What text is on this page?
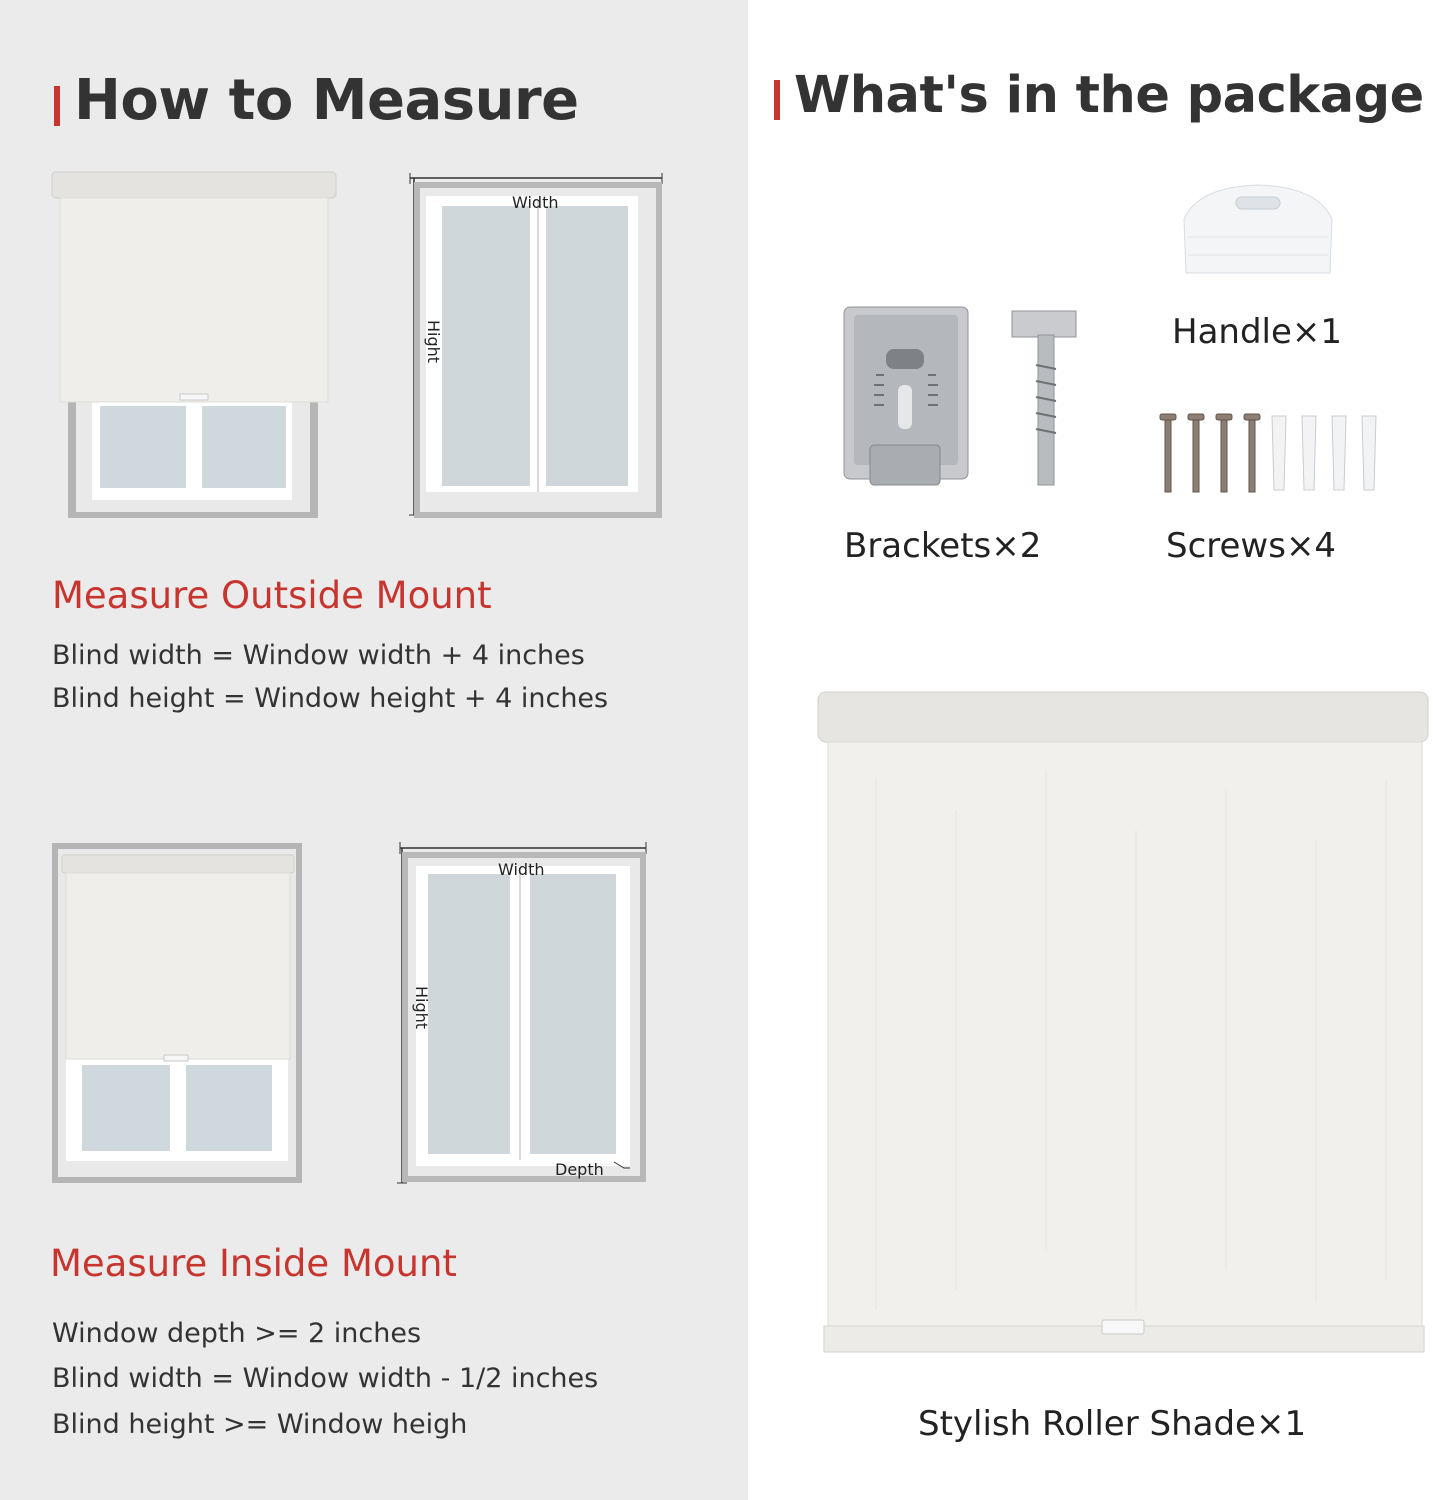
How to Measure
Width
Hight
Measure Outside Mount
Blind width = Window width + 4 inches
Blind height = Window height + 4 inches
Width
Hight
Depth
Measure Inside Mount
Window depth >= 2 inches
Blind width = Window width - 1/2 inches
Blind height >= Window heigh
What's in the package
Handle×1
Brackets×2	Screws×4
Stylish Roller Shade×1
